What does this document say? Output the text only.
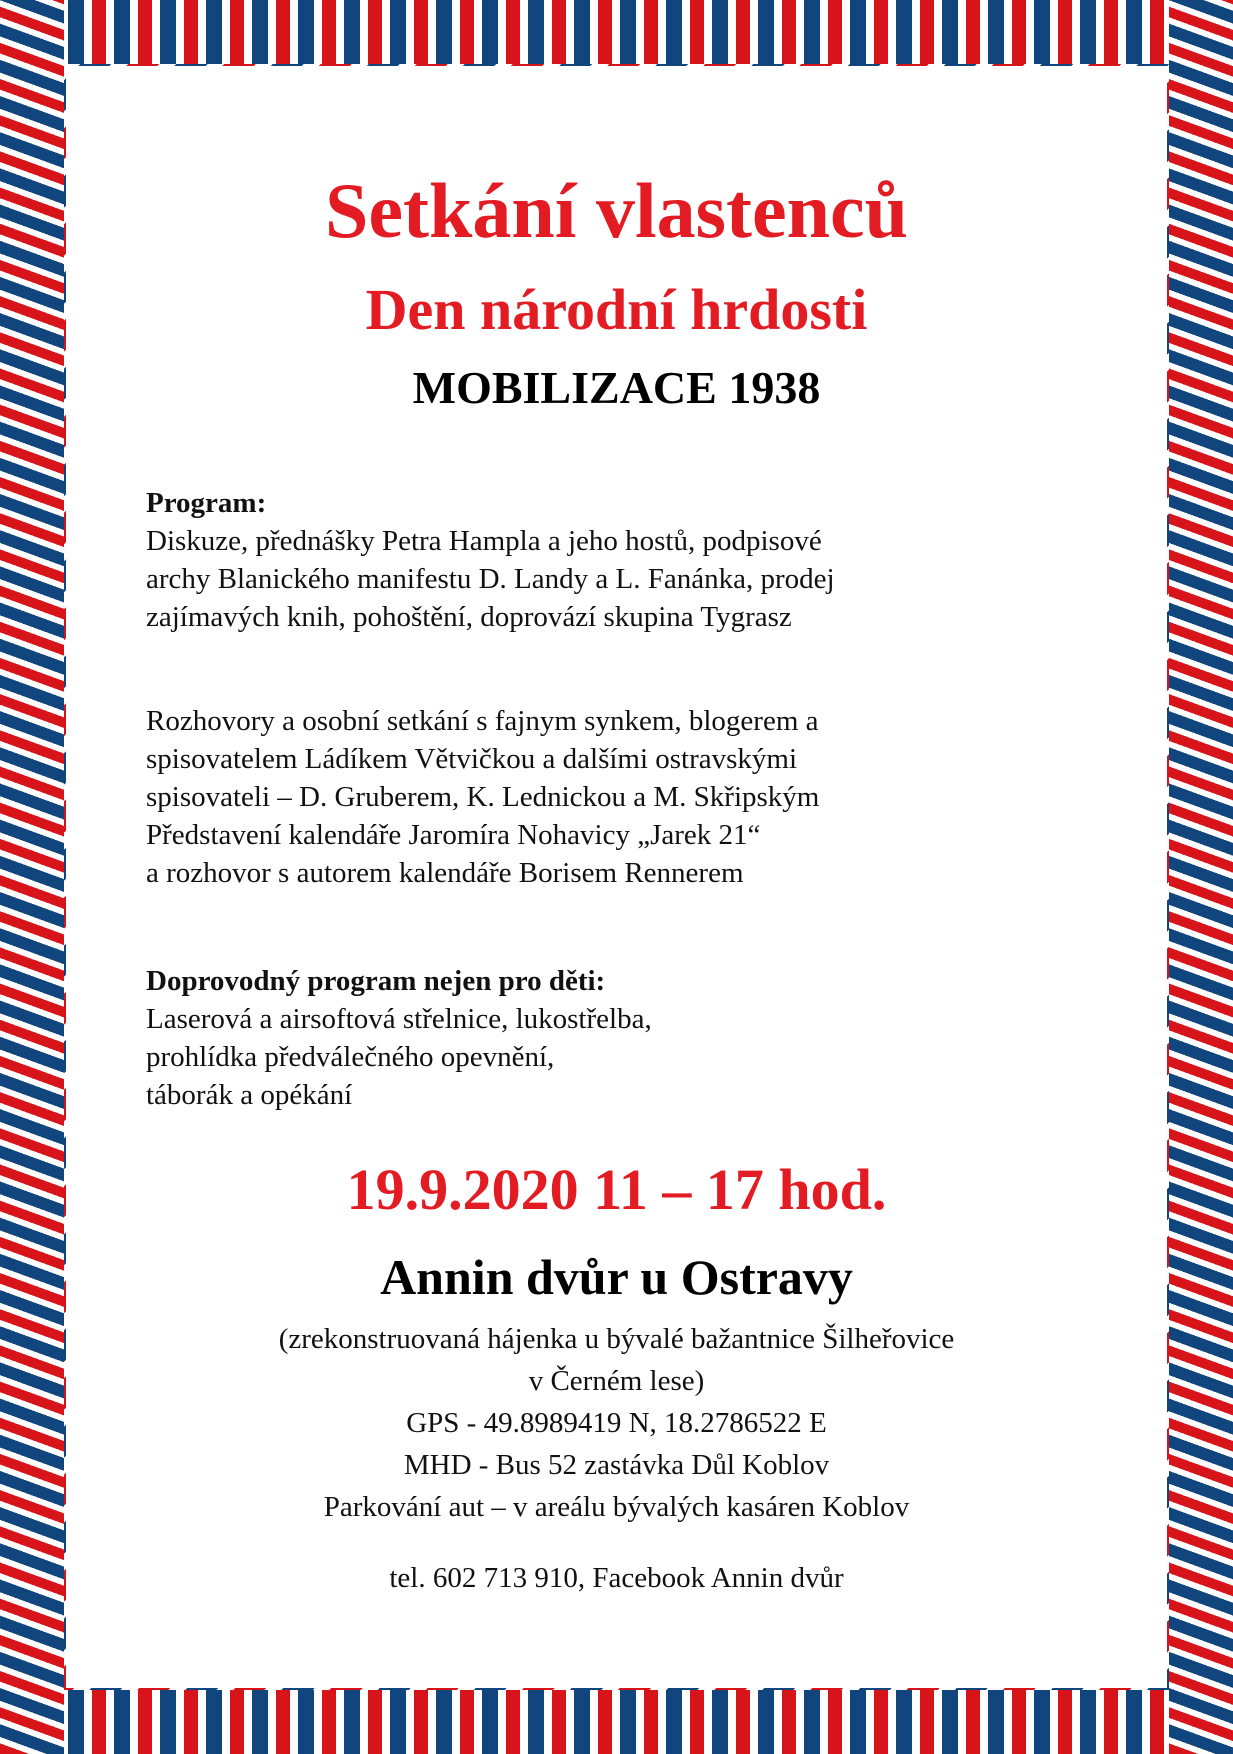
Setkání vlastenců
Den národní hrdosti
MOBILIZACE 1938

Program:

Diskuze, přednášky Petra Hampla a jeho hostů, podpisové

archy Blanického manifestu D. Landy a L. Fanánka, prodej

zajímavých knih, pohoštění, doprovází skupina Tygrasz

Rozhovory a osobní setkání s fajnym synkem, blogerem a

spisovatelem Ládíkem Větvičkou a dalšími ostravskými

spisovateli – D. Gruberem, K. Lednickou a M. Skřipským

Představení kalendáře Jaromíra Nohavicy „Jarek 21“

a rozhovor s autorem kalendáře Borisem Rennerem

Doprovodný program nejen pro děti:

Laserová a airsoftová střelnice, lukostřelba,

prohlídka předválečného opevnění,

táborák a opékání

19.9.2020 11 – 17 hod.
Annin dvůr u Ostravy

(zrekonstruovaná hájenka u bývalé bažantnice Šilheřovice

v Černém lese)

GPS - 49.8989419 N, 18.2786522 E

MHD - Bus 52 zastávka Důl Koblov

Parkování aut – v areálu bývalých kasáren Koblov

tel. 602 713 910, Facebook Annin dvůr
